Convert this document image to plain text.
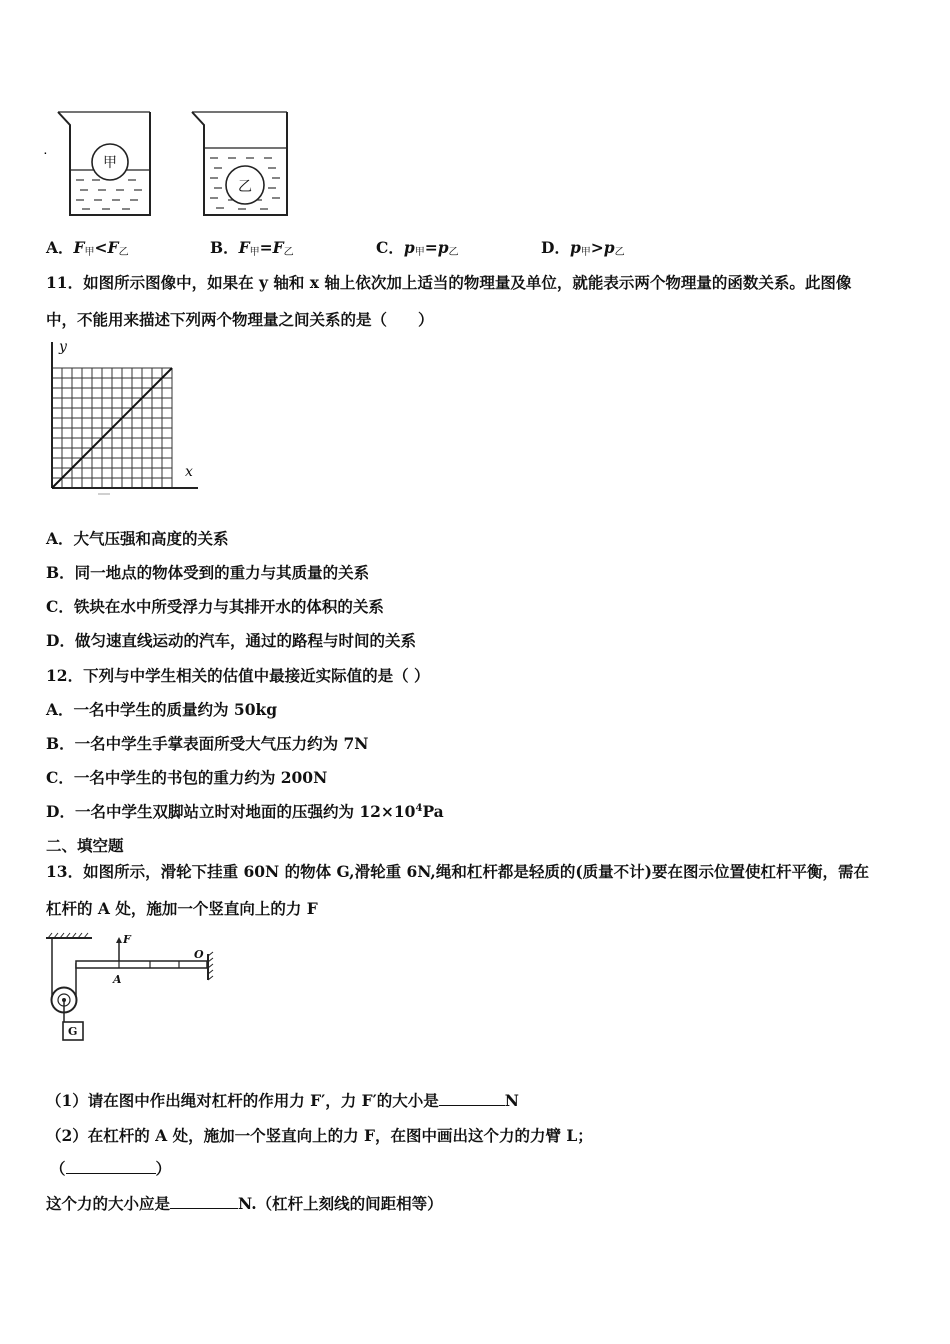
.
甲
乙
A．$F_甲<F_乙$	B．$F_甲=F_乙$	C．$p_甲=p_乙$	D．$p_甲>p_乙$
11．如图所示图像中，如果在 y 轴和 x 轴上依次加上适当的物理量及单位，就能表示两个物理量的函数关系。此图像
中，不能用来描述下列两个物理量之间关系的是（　　）
y
x
A．大气压强和高度的关系
B．同一地点的物体受到的重力与其质量的关系
C．铁块在水中所受浮力与其排开水的体积的关系
D．做匀速直线运动的汽车，通过的路程与时间的关系
12．下列与中学生相关的估值中最接近实际值的是（ ）
A．一名中学生的质量约为 50kg
B．一名中学生手掌表面所受大气压力约为 7N
C．一名中学生的书包的重力约为 200N
D．一名中学生双脚站立时对地面的压强约为 $12\times 10^4Pa$
二、填空题
13．如图所示，滑轮下挂重 60N 的物体 G,滑轮重 6N,绳和杠杆都是轻质的(质量不计)要在图示位置使杠杆平衡，需在
杠杆的 A 处，施加一个竖直向上的力 F
F
O
A
G
（1）请在图中作出绳对杠杆的作用力 F′，力 F′的大小是	N
（2）在杠杆的 A 处，施加一个竖直向上的力 F，在图中画出这个力的力臂 L；
（	）
这个力的大小应是	N.（杠杆上刻线的间距相等）
